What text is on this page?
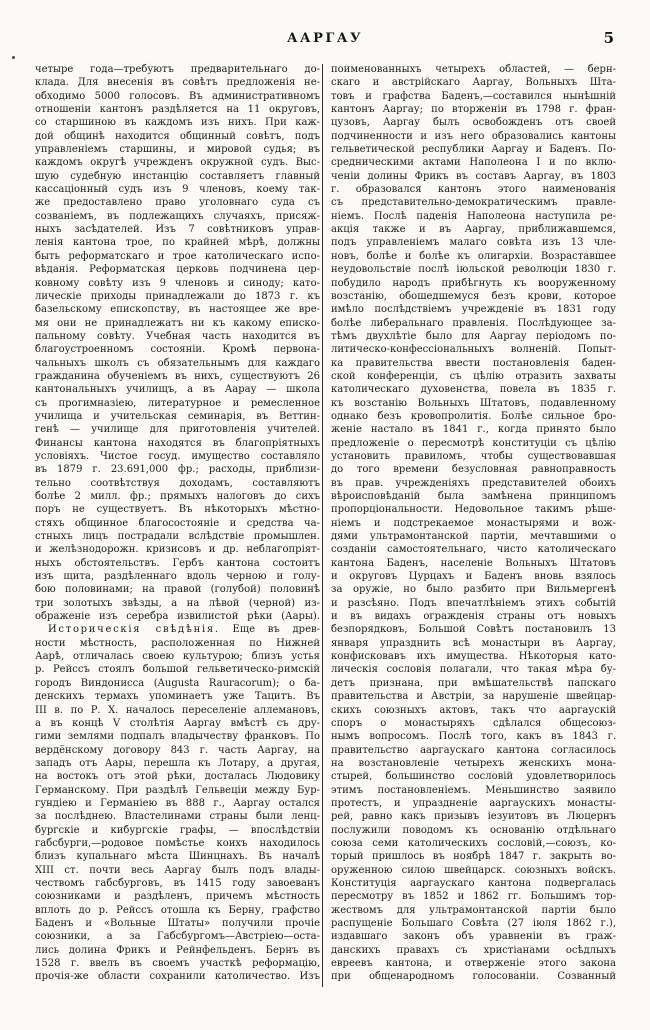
ААРГАУ	5
четыре года—требуютъ предварительнаго до-
клада. Для внесенія въ совѣтъ предложенія не-
обходимо 5000 голосовъ. Въ административномъ
отношеніи кантонъ раздѣляется на 11 округовъ,
со старшиною въ каждомъ изъ нихъ. При каж-
дой общинѣ находится общинный совѣтъ, подъ
управленіемъ старшины, и мировой судья; въ
каждомъ округѣ учрежденъ окружной судъ. Выс-
шую судебную инстанцію составляетъ главный
кассаціонный судъ изъ 9 членовъ, коему так-
же предоставлено право уголовнаго суда съ
созваніемъ, въ подлежащихъ случаяхъ, присяж-
ныхъ засѣдателей. Изъ 7 совѣтниковъ управ-
ленія кантона трое, по крайней мѣрѣ, должны
быть реформатскаго и трое католическаго испо-
вѣданія. Реформатская церковь подчинена цер-
ковному совѣту изъ 9 членовъ и синоду; като-
лическіе приходы принадлежали до 1873 г. къ
базельскому епископству, въ настоящее же вре-
мя они не принадлежатъ ни къ какому еписко-
пальному совѣту. Учебная часть находится въ
благоустроенномъ состояніи. Кромѣ первона-
чальныхъ школъ съ обязательнымъ для каждаго
гражданина обученіемъ въ нихъ, существуютъ 26
кантональныхъ училищъ, а въ Аарау — школа
съ прогимназіею, литературное и ремесленное
училища и учительская семинарія, въ Веттин-
генѣ — училище для приготовленія учителей.
Финансы кантона находятся въ благопріятныхъ
условіяхъ. Чистое госуд. имущество составляло
въ 1879 г. 23.691,000 фр.; расходы, приблизи-
тельно соотвѣтствуя доходамъ, составляютъ
болѣе 2 милл. фр.; прямыхъ налоговъ до сихъ
поръ не существуетъ. Въ нѣкоторыхъ мѣстно-
стяхъ общинное благосостояніе и средства ча-
стныхъ лицъ пострадали вслѣдствіе промышлен.
и желѣзнодорожн. кризисовъ и др. неблагопріят-
ныхъ обстоятельствъ. Гербъ кантона состоитъ
изъ щита, раздѣленнаго вдоль черною и голу-
бою половинами; на правой (голубой) половинѣ
три золотыхъ звѣзды, а на лѣвой (черной) из-
ображеніе изъ серебра извилистой рѣки (Аары).
Историческія свѣдѣнія. Еще въ древ-
ности мѣстность, расположенная по Нижней
Аарѣ, отличалась своею культурою; близъ устья
р. Рейссъ стоялъ большой гельветическо-римскій
городъ Виндонисса (Augusta Rauracorum); о ба-
денскихъ термахъ упоминаетъ уже Тацитъ. Въ
III в. по Р. Х. началось переселеніе аллемановъ,
а въ концѣ V столѣтія Ааргау вмѣстѣ съ дру-
гими землями подпалъ владычеству франковъ. По
вердёнскому договору 843 г. часть Ааргау, на
западъ отъ Аары, перешла къ Лотару, а другая,
на востокъ отъ этой рѣки, досталась Людовику
Германскому. При раздѣлѣ Гельвеціи между Бур-
гундіею и Германіею въ 888 г., Ааргау остался
за послѣднею. Властелинами страны были ленц-
бургскіе и кибургскіе графы, — впослѣдствіи
габсбурги,—родовое помѣстье коихъ находилось
близъ купальнаго мѣста Шинцнахъ. Въ началѣ
XIII ст. почти весь Ааргау былъ подъ влады-
чествомъ габсбурговъ, въ 1415 году завоеванъ
союзниками и раздѣленъ, причемъ мѣстность
вплоть до р. Рейссъ отошла къ Берну, графство
Баденъ и «Вольные Штаты» получили прочіе
союзники, а за Габсбургомъ—Австріею—оста-
лись долина Фрикъ и Рейнфельденъ. Бернъ въ
1528 г. ввелъ въ своемъ участкѣ реформацію,
прочія-же области сохранили католичество. Изъ
поименованныхъ четырехъ областей, — берн-
скаго и австрійскаго Ааргау, Вольныхъ Шта-
товъ и графства Баденъ,—составился нынѣшній
кантонъ Ааргау; по вторженіи въ 1798 г. фран-
цузовъ, Ааргау былъ освобожденъ отъ своей
подчиненности и изъ него образовались кантоны
гельветической республики Ааргау и Баденъ. По-
средническими актами Наполеона I и по вклю-
ченіи долины Фрикъ въ составъ Ааргау, въ 1803
г. образовался кантонъ этого наименованія
съ представительно-демократическимъ правле-
ніемъ. Послѣ паденія Наполеона наступила ре-
акція также и въ Ааргау, приближавшемся,
подъ управленіемъ малаго совѣта изъ 13 чле-
новъ, болѣе и болѣе къ олигархіи. Возраставшее
неудовольствіе послѣ іюльской революціи 1830 г.
побудило народъ прибѣгнуть къ вооруженному
возстанію, обошедшемуся безъ крови, которое
имѣло послѣдствіемъ учрежденіе въ 1831 году
болѣе либеральнаго правленія. Послѣдующее за-
тѣмъ двухлѣтіе было для Ааргау періодомъ по-
литическо-конфессіональныхъ волненій. Попыт-
ка правительства ввести постановленія баден-
ской конференціи, съ цѣлію отразить захваты
католическаго духовенства, повела въ 1835 г.
къ возстанію Вольныхъ Штатовъ, подавленному
однако безъ кровопролитія. Болѣе сильное бро-
женіе настало въ 1841 г., когда принято было
предложеніе о пересмотрѣ конституціи съ цѣлію
установить правиломъ, чтобы существовавшая
до того времени безусловная равноправность
въ прав. учрежденіяхъ представителей обоихъ
вѣроисповѣданій была замѣнена принципомъ
пропорціональности. Недовольное такимъ рѣше-
ніемъ и подстрекаемое монастырями и вож-
дями ультрамонтанской партіи, мечтавшими о
созданіи самостоятельнаго, чисто католическаго
кантона Баденъ, населеніе Вольныхъ Штатовъ
и округовъ Цурцахъ и Баденъ вновь взялось
за оружіе, но было разбито при Вильмергенѣ
и разсѣяно. Подъ впечатлѣніемъ этихъ событій
и въ видахъ огражденія страны отъ новыхъ
безпорядковъ, Большой Совѣтъ постановилъ 13
января упразднить всѣ монастыри въ Ааргау,
конфисковавъ ихъ имущества. Нѣкоторыя като-
лическія сословія полагали, что такая мѣра бу-
детъ признана, при вмѣшательствѣ папскаго
правительства и Австріи, за нарушеніе швейцар-
скихъ союзныхъ актовъ, такъ что ааргаускій
споръ о монастыряхъ сдѣлался общесоюз-
нымъ вопросомъ. Послѣ того, какъ въ 1843 г.
правительство ааргаускаго кантона согласилось
на возстановленіе четырехъ женскихъ мона-
стырей, большинство сословій удовлетворилось
этимъ постановленіемъ. Меньшинство заявило
протестъ, и упраздненіе ааргаускихъ монасты-
рей, равно какъ призывъ іезуитовъ въ Люцернъ
послужили поводомъ къ основанію отдѣльнаго
союза семи католическихъ сословій,—союзъ, ко-
торый пришлось въ ноябрѣ 1847 г. закрыть во-
оруженною силою швейцарск. союзныхъ войскъ.
Конституція ааргаускаго кантона подвергалась
пересмотру въ 1852 и 1862 гг. Большимъ тор-
жествомъ для ультрамонтанской партіи было
распущеніе Большаго Совѣта (27 іюля 1862 г.),
издавшаго законъ объ уравненіи въ граж-
данскихъ правахъ съ христіанами осѣдлыхъ
евреевъ кантона, и отверженіе этого закона
при общенародномъ голосованіи. Созванный
